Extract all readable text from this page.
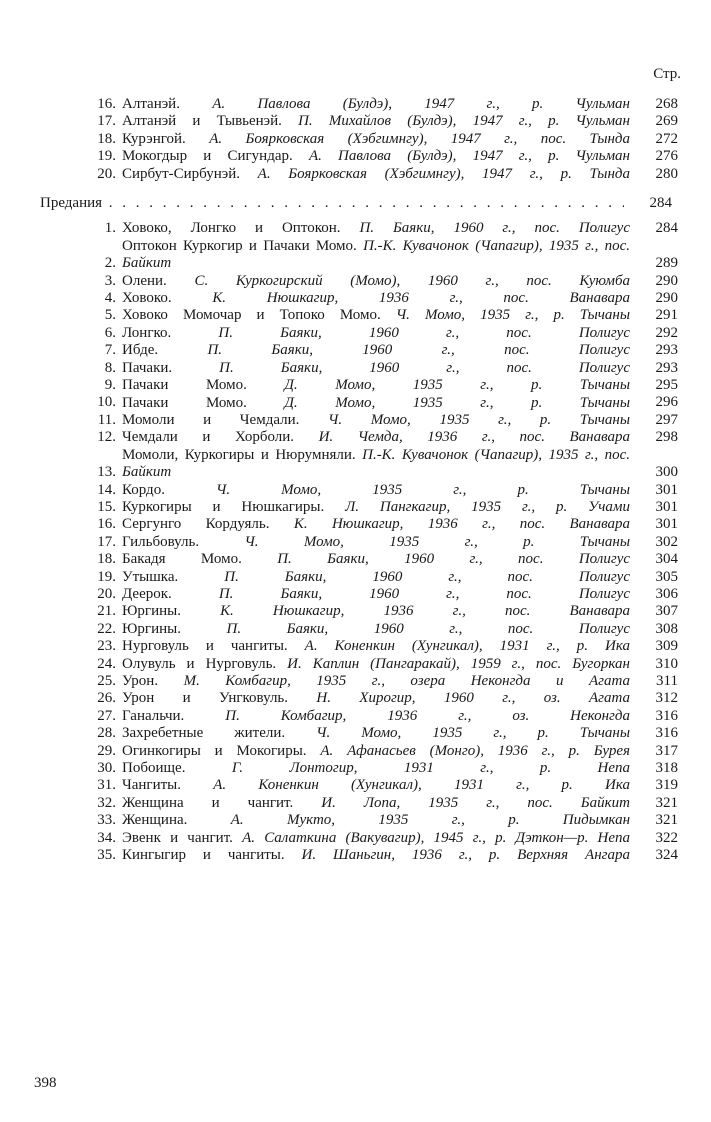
Стр.
16. Алтанэй. А. Павлова (Булдэ), 1947 г., р. Чульман	268
17. Алтанэй и Тывьенэй. П. Михайлов (Булдэ), 1947 г., р. Чульман	269
18. Курэнгой. А. Боярковская (Хэбгимнгу), 1947 г., пос. Тында	272
19. Мокогдыр и Сигундар. А. Павлова (Булдэ), 1947 г., р. Чульман	276
20. Сирбут-Сирбунэй. А. Боярковская (Хэбгимнгу), 1947 г., р. Тында	280
Предания . . .	284
1. Ховоко, Лонгко и Оптокон. П. Баяки, 1960 г., пос. Полигус	284
2.
Оптокон Куркогир и Пачаки Момо. П.-К. Кувачонок (Чапагир), 1935 г., пос. Байкит	289
3. Олени. С. Куркогирский (Момо), 1960 г., пос. Куюмба	290
4. Ховоко.	К. Нюшкагир, 1936 г., пос. Ванавара	290
5. Ховоко Момочар и Топоко Момо. Ч. Момо, 1935 г., р. Тычаны	291
6. Лонгко.	П. Баяки, 1960 г., пос. Полигус	292
7. Ибде.	П. Баяки, 1960 г., пос. Полигус	293
8. Пачаки.	П. Баяки, 1960 г., пос. Полигус	293
9. Пачаки Момо.	Д. Момо, 1935 г., р. Тычаны	295
10. Пачаки Момо.	Д. Момо, 1935 г., р. Тычаны	296
11. Момоли и Чемдали. Ч. Момо, 1935 г., р. Тычаны	297
12. Чемдали и Хорболи. И. Чемда, 1936 г., пос. Ванавара	298
13.
Момоли, Куркогиры и Нюрумняли. П.-К. Кувачонок (Чапагир), 1935 г., пос. Байкит	300
14. Кордо.	Ч. Момо, 1935 г., р. Тычаны	301
15. Куркогиры и Нюшкагиры. Л. Пангкагир, 1935 г., р. Учами	301
16. Сергунго Кордуяль. К. Нюшкагир, 1936 г., пос. Ванавара	301
17. Гильбовуль.	Ч. Момо, 1935 г., р. Тычаны	302
18. Бакадя Момо. П. Баяки, 1960 г., пос. Полигус	304
19. Утышка.	П. Баяки, 1960 г., пос. Полигус	305
20. Деерок.	П. Баяки, 1960 г., пос. Полигус	306
21. Юргины.	К. Нюшкагир, 1936 г., пос. Ванавара	307
22. Юргины.	П. Баяки, 1960 г., пос. Полигус	308
23. Нурговуль и чангиты. А. Коненкин (Хунгикал), 1931 г., р. Ика	309
24. Олувуль и Нурговуль. И. Каплин (Пангаракай), 1959 г., пос. Бугоркан	310
25. Урон. М. Комбагир, 1935 г., озера Неконгда и Агата	311
26. Урон и Унгковуль. Н. Хирогир, 1960 г., оз. Агата	312
27. Ганальчи.	П. Комбагир, 1936 г., оз. Неконгда	316
28. Захребетные жители. Ч. Момо, 1935 г., р. Тычаны	316
29. Огинкогиры и Мокогиры. А. Афанасьев (Монго), 1936 г., р. Бурея	317
30. Побоище.	Г. Лонтогир, 1931 г., р. Непа	318
31. Чангиты. А. Коненкин (Хунгикал), 1931 г., р. Ика	319
32. Женщина и чангит. И. Лопа, 1935 г., пос. Байкит	321
33. Женщина.	А. Мукто, 1935 г., р. Пидымкан	321
34. Эвенк и чангит. А. Салаткина (Вакувагир), 1945 г., р. Дэткон—р. Непа	322
35. Кингыгир и чангиты. И. Шаньгин, 1936 г., р. Верхняя Ангара	324
398
